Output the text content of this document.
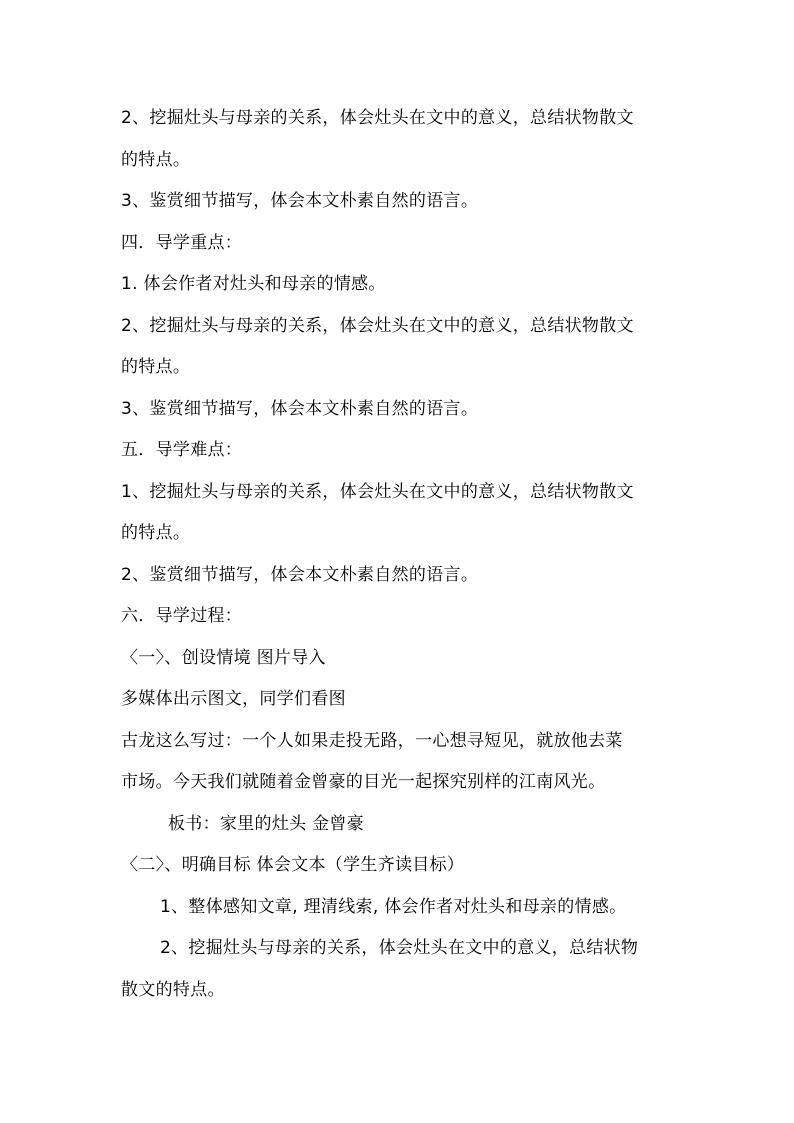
2、挖掘灶头与母亲的关系，体会灶头在文中的意义，总结状物散文
的特点。
3、鉴赏细节描写，体会本文朴素自然的语言。
四．导学重点：
1. 体会作者对灶头和母亲的情感。
2、挖掘灶头与母亲的关系，体会灶头在文中的意义，总结状物散文
的特点。
3、鉴赏细节描写，体会本文朴素自然的语言。
五．导学难点：
1、挖掘灶头与母亲的关系，体会灶头在文中的意义，总结状物散文
的特点。
2、鉴赏细节描写，体会本文朴素自然的语言。
六．导学过程：
〈一〉、创设情境 图片导入
多媒体出示图文，同学们看图
古龙这么写过：一个人如果走投无路，一心想寻短见，就放他去菜
市场。今天我们就随着金曾豪的目光一起探究别样的江南风光。
板书：家里的灶头 金曾豪
〈二〉、明确目标 体会文本（学生齐读目标）
1、整体感知文章, 理清线索, 体会作者对灶头和母亲的情感。
2、挖掘灶头与母亲的关系，体会灶头在文中的意义，总结状物
散文的特点。
